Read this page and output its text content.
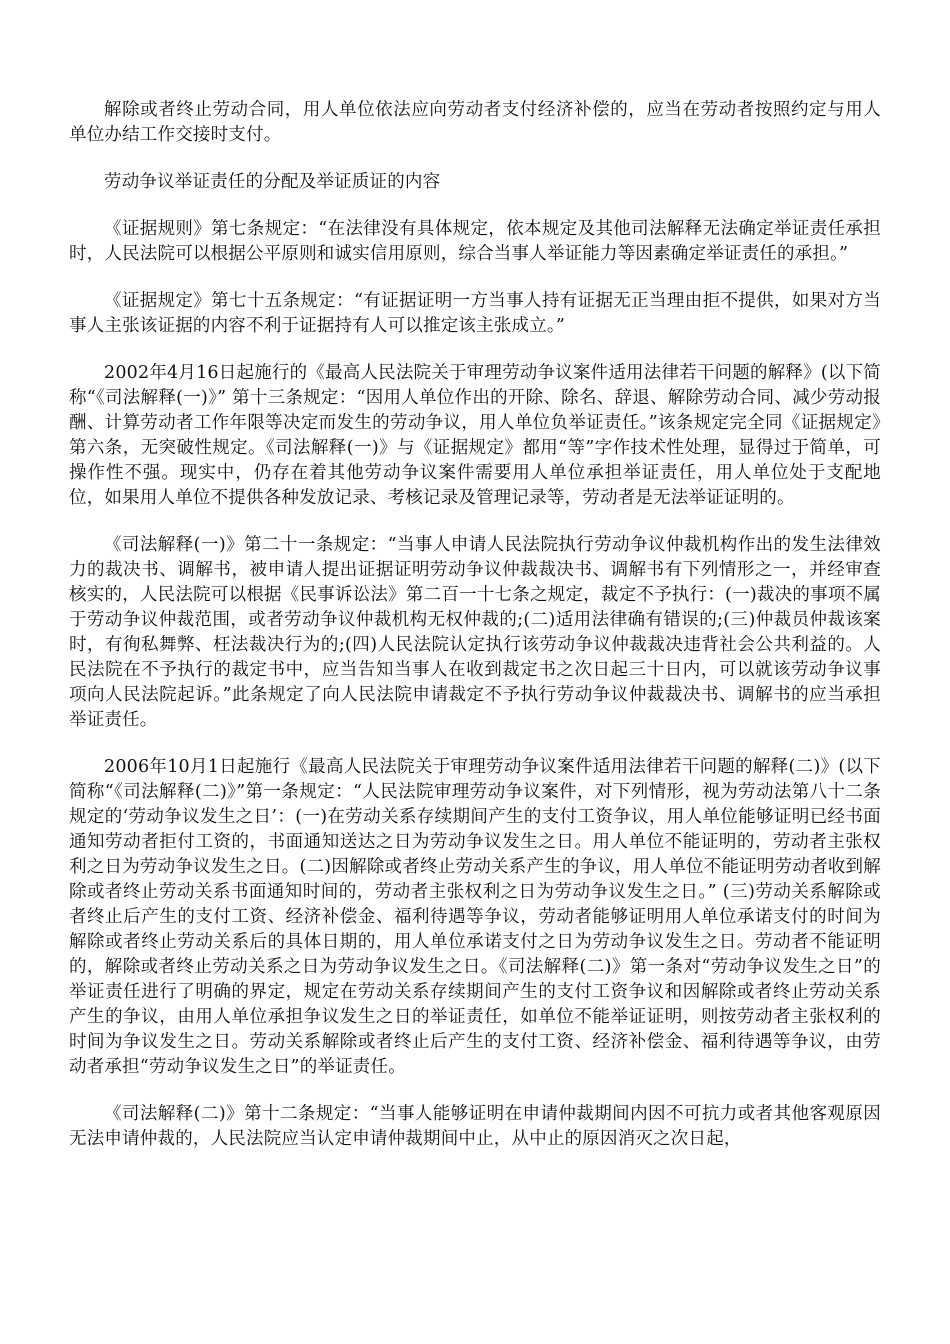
解除或者终止劳动合同，用人单位依法应向劳动者支付经济补偿的，应当在劳动者按照约定与用人单位办结工作交接时支付。

劳动争议举证责任的分配及举证质证的内容

《证据规则》第七条规定：“在法律没有具体规定，依本规定及其他司法解释无法确定举证责任承担时，人民法院可以根据公平原则和诚实信用原则，综合当事人举证能力等因素确定举证责任的承担。”

《证据规定》第七十五条规定：“有证据证明一方当事人持有证据无正当理由拒不提供，如果对方当事人主张该证据的内容不利于证据持有人可以推定该主张成立。”

2002年4月16日起施行的《最高人民法院关于审理劳动争议案件适用法律若干问题的解释》(以下简称“《司法解释(一)》” 第十三条规定：“因用人单位作出的开除、除名、辞退、解除劳动合同、减少劳动报酬、计算劳动者工作年限等决定而发生的劳动争议，用人单位负举证责任。”该条规定完全同《证据规定》第六条，无突破性规定。《司法解释(一)》与《证据规定》都用“等”字作技术性处理，显得过于简单，可操作性不强。现实中，仍存在着其他劳动争议案件需要用人单位承担举证责任，用人单位处于支配地位，如果用人单位不提供各种发放记录、考核记录及管理记录等，劳动者是无法举证证明的。

《司法解释(一)》第二十一条规定：“当事人申请人民法院执行劳动争议仲裁机构作出的发生法律效力的裁决书、调解书，被申请人提出证据证明劳动争议仲裁裁决书、调解书有下列情形之一，并经审查核实的，人民法院可以根据《民事诉讼法》第二百一十七条之规定，裁定不予执行：(一)裁决的事项不属于劳动争议仲裁范围，或者劳动争议仲裁机构无权仲裁的;(二)适用法律确有错误的;(三)仲裁员仲裁该案时，有徇私舞弊、枉法裁决行为的;(四)人民法院认定执行该劳动争议仲裁裁决违背社会公共利益的。人民法院在不予执行的裁定书中，应当告知当事人在收到裁定书之次日起三十日内，可以就该劳动争议事项向人民法院起诉。”此条规定了向人民法院申请裁定不予执行劳动争议仲裁裁决书、调解书的应当承担举证责任。

2006年10月1日起施行《最高人民法院关于审理劳动争议案件适用法律若干问题的解释(二)》(以下简称“《司法解释(二)》”第一条规定：“人民法院审理劳动争议案件，对下列情形，视为劳动法第八十二条规定的‘劳动争议发生之日’：(一)在劳动关系存续期间产生的支付工资争议，用人单位能够证明已经书面通知劳动者拒付工资的，书面通知送达之日为劳动争议发生之日。用人单位不能证明的，劳动者主张权利之日为劳动争议发生之日。(二)因解除或者终止劳动关系产生的争议，用人单位不能证明劳动者收到解除或者终止劳动关系书面通知时间的，劳动者主张权利之日为劳动争议发生之日。” (三)劳动关系解除或者终止后产生的支付工资、经济补偿金、福利待遇等争议，劳动者能够证明用人单位承诺支付的时间为解除或者终止劳动关系后的具体日期的，用人单位承诺支付之日为劳动争议发生之日。劳动者不能证明的，解除或者终止劳动关系之日为劳动争议发生之日。《司法解释(二)》第一条对“劳动争议发生之日”的举证责任进行了明确的界定，规定在劳动关系存续期间产生的支付工资争议和因解除或者终止劳动关系产生的争议，由用人单位承担争议发生之日的举证责任，如单位不能举证证明，则按劳动者主张权利的时间为争议发生之日。劳动关系解除或者终止后产生的支付工资、经济补偿金、福利待遇等争议，由劳动者承担“劳动争议发生之日”的举证责任。

《司法解释(二)》第十二条规定：“当事人能够证明在申请仲裁期间内因不可抗力或者其他客观原因无法申请仲裁的，人民法院应当认定申请仲裁期间中止，从中止的原因消灭之次日起，
